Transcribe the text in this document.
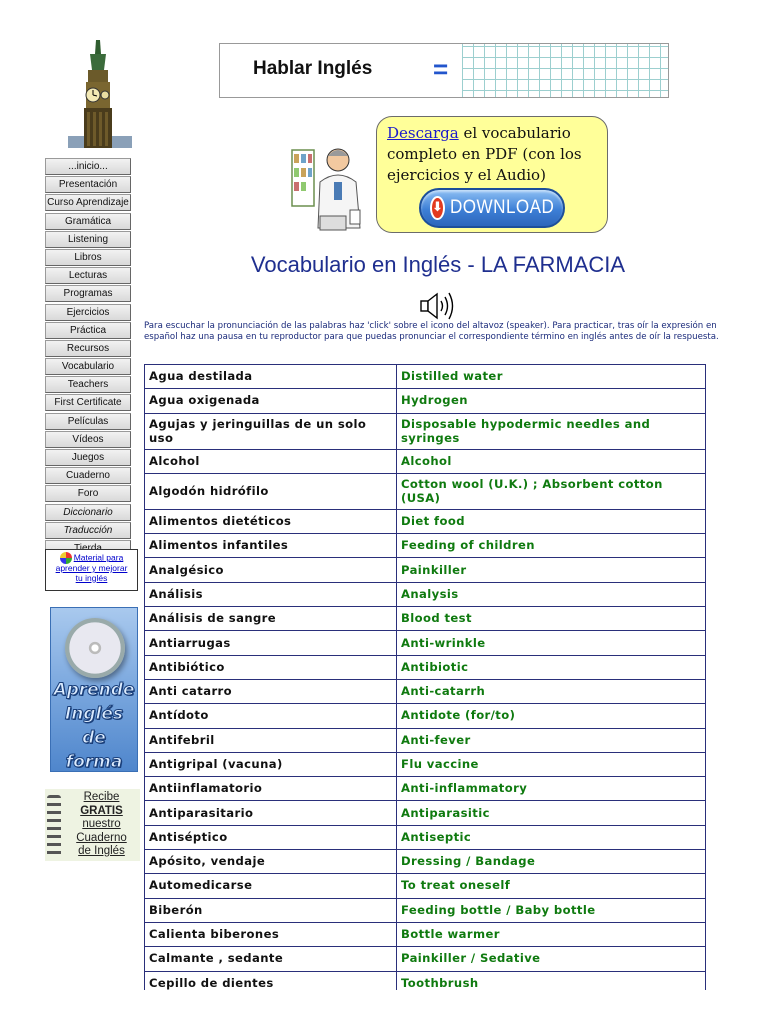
...inicio...
Presentación
Curso Aprendizaje
Gramática
Listening
Libros
Lecturas
Programas
Ejercicios
Práctica
Recursos
Vocabulario
Teachers
First Certificate
Películas
Vídeos
Juegos
Cuaderno
Foro
Diccionario
Traducción
Material para
aprender y mejorar
tu inglés
Aprende
Inglés
de forma
Recibe
GRATIS
nuestro
Cuaderno
de Inglés
Hablar Inglés =
Descarga el vocabulario completo en PDF (con los ejercicios y el Audio)
⬇ DOWNLOAD
Vocabulario en Inglés - LA FARMACIA
Para escuchar la pronunciación de las palabras haz 'click' sobre el icono del altavoz (speaker). Para practicar, tras oír la expresión en español haz una pausa en tu reproductor para que puedas pronunciar el correspondiente término en inglés antes de oír la respuesta.
Agua destilada	Distilled water
Agua oxigenada	Hydrogen
Agujas y jeringuillas de un solo uso	Disposable hypodermic needles and syringes
Alcohol	Alcohol
Algodón hidrófilo	Cotton wool (U.K.) ; Absorbent cotton (USA)
Alimentos dietéticos	Diet food
Alimentos infantiles	Feeding of children
Analgésico	Painkiller
Análisis	Analysis
Análisis de sangre	Blood test
Antiarrugas	Anti-wrinkle
Antibiótico	Antibiotic
Anti catarro	Anti-catarrh
Antídoto	Antidote (for/to)
Antifebril	Anti-fever
Antigripal (vacuna)	Flu vaccine
Antiinflamatorio	Anti-inflammatory
Antiparasitario	Antiparasitic
Antiséptico	Antiseptic
Apósito, vendaje	Dressing / Bandage
Automedicarse	To treat oneself
Biberón	Feeding bottle / Baby bottle
Calienta biberones	Bottle warmer
Calmante , sedante	Painkiller / Sedative
Cepillo de dientes	Toothbrush
